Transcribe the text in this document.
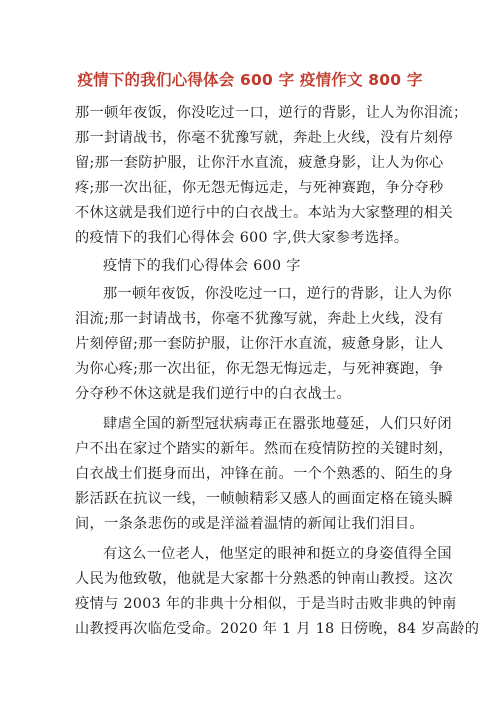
疫情下的我们心得体会 600 字 疫情作文 800 字
那一顿年夜饭，你没吃过一口，逆行的背影，让人为你泪流；
那一封请战书，你毫不犹豫写就，奔赴上火线，没有片刻停
留;那一套防护服，让你汗水直流，疲惫身影，让人为你心
疼;那一次出征，你无怨无悔远走，与死神赛跑，争分夺秒
不休这就是我们逆行中的白衣战士。本站为大家整理的相关
的疫情下的我们心得体会 600 字,供大家参考选择。
疫情下的我们心得体会 600 字
那一顿年夜饭，你没吃过一口，逆行的背影，让人为你
泪流;那一封请战书，你毫不犹豫写就，奔赴上火线，没有
片刻停留;那一套防护服，让你汗水直流，疲惫身影，让人
为你心疼;那一次出征，你无怨无悔远走，与死神赛跑，争
分夺秒不休这就是我们逆行中的白衣战士。
肆虐全国的新型冠状病毒正在嚣张地蔓延，人们只好闭
户不出在家过个踏实的新年。然而在疫情防控的关键时刻，
白衣战士们挺身而出，冲锋在前。一个个熟悉的、陌生的身
影活跃在抗议一线，一帧帧精彩又感人的画面定格在镜头瞬
间，一条条悲伤的或是洋溢着温情的新闻让我们泪目。
有这么一位老人，他坚定的眼神和挺立的身姿值得全国
人民为他致敬，他就是大家都十分熟悉的钟南山教授。这次
疫情与 2003 年的非典十分相似，于是当时击败非典的钟南
山教授再次临危受命。2020 年 1 月 18 日傍晚，84 岁高龄的
